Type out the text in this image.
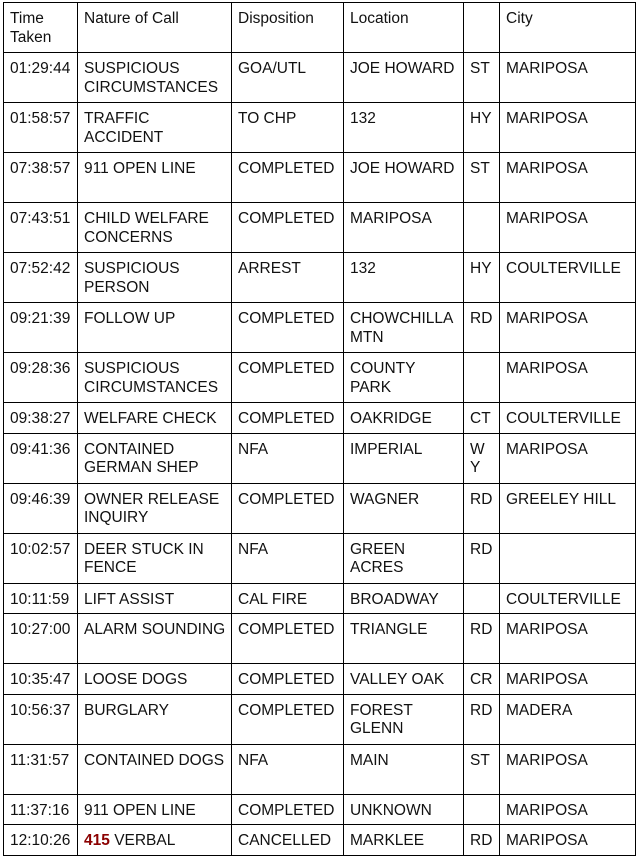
Time Taken	Nature of Call	Disposition	Location		City
01:29:44	SUSPICIOUS CIRCUMSTANCES	GOA/UTL	JOE HOWARD	ST	MARIPOSA
01:58:57	TRAFFIC ACCIDENT	TO CHP	132	HY	MARIPOSA
07:38:57	911 OPEN LINE	COMPLETED	JOE HOWARD	ST	MARIPOSA
07:43:51	CHILD WELFARE CONCERNS	COMPLETED	MARIPOSA		MARIPOSA
07:52:42	SUSPICIOUS PERSON	ARREST	132	HY	COULTERVILLE
09:21:39	FOLLOW UP	COMPLETED	CHOWCHILLA MTN	RD	MARIPOSA
09:28:36	SUSPICIOUS CIRCUMSTANCES	COMPLETED	COUNTY PARK		MARIPOSA
09:38:27	WELFARE CHECK	COMPLETED	OAKRIDGE	CT	COULTERVILLE
09:41:36	CONTAINED GERMAN SHEP	NFA	IMPERIAL	WY	MARIPOSA
09:46:39	OWNER RELEASE INQUIRY	COMPLETED	WAGNER	RD	GREELEY HILL
10:02:57	DEER STUCK IN FENCE	NFA	GREEN ACRES	RD	
10:11:59	LIFT ASSIST	CAL FIRE	BROADWAY		COULTERVILLE
10:27:00	ALARM SOUNDING	COMPLETED	TRIANGLE	RD	MARIPOSA
10:35:47	LOOSE DOGS	COMPLETED	VALLEY OAK	CR	MARIPOSA
10:56:37	BURGLARY	COMPLETED	FOREST GLENN	RD	MADERA
11:31:57	CONTAINED DOGS	NFA	MAIN	ST	MARIPOSA
11:37:16	911 OPEN LINE	COMPLETED	UNKNOWN		MARIPOSA
12:10:26	415 VERBAL	CANCELLED	MARKLEE	RD	MARIPOSA
